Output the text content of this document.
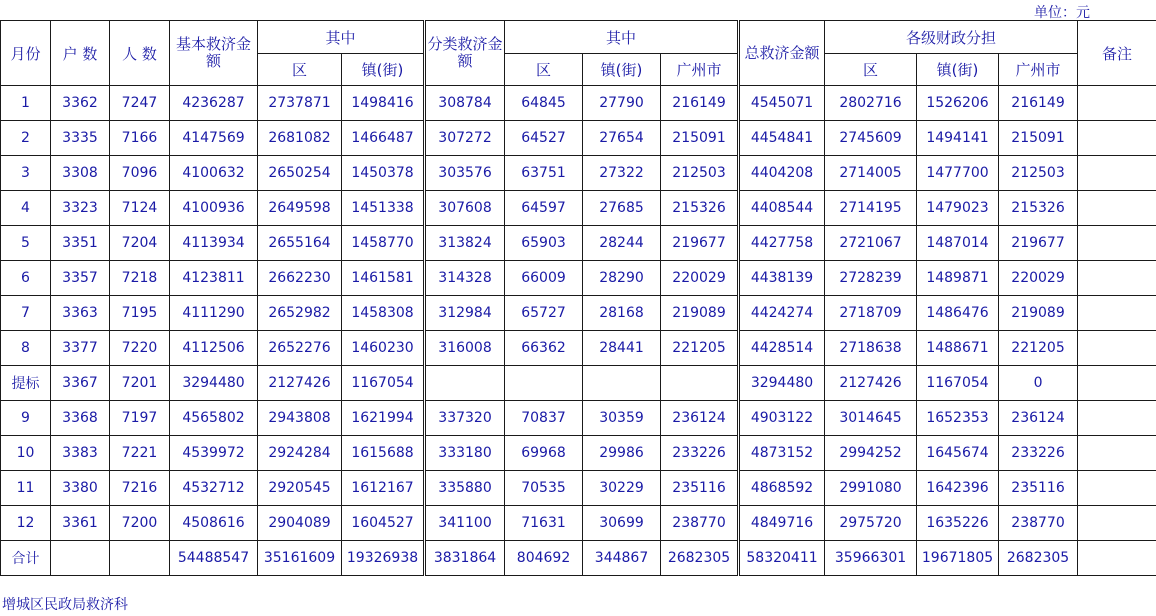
单位：元
月份	户 数	人 数	基本救济金额	其中		分类救济金额	其中			总救济金额	各级财政分担			备注
				区	镇(街)		区	镇(街)	广州市		区	镇(街)	广州市	
1	3362	7247	4236287	2737871	1498416	308784	64845	27790	216149	4545071	2802716	1526206	216149	
2	3335	7166	4147569	2681082	1466487	307272	64527	27654	215091	4454841	2745609	1494141	215091	
3	3308	7096	4100632	2650254	1450378	303576	63751	27322	212503	4404208	2714005	1477700	212503	
4	3323	7124	4100936	2649598	1451338	307608	64597	27685	215326	4408544	2714195	1479023	215326	
5	3351	7204	4113934	2655164	1458770	313824	65903	28244	219677	4427758	2721067	1487014	219677	
6	3357	7218	4123811	2662230	1461581	314328	66009	28290	220029	4438139	2728239	1489871	220029	
7	3363	7195	4111290	2652982	1458308	312984	65727	28168	219089	4424274	2718709	1486476	219089	
8	3377	7220	4112506	2652276	1460230	316008	66362	28441	221205	4428514	2718638	1488671	221205	
提标	3367	7201	3294480	2127426	1167054					3294480	2127426	1167054	0	
9	3368	7197	4565802	2943808	1621994	337320	70837	30359	236124	4903122	3014645	1652353	236124	
10	3383	7221	4539972	2924284	1615688	333180	69968	29986	233226	4873152	2994252	1645674	233226	
11	3380	7216	4532712	2920545	1612167	335880	70535	30229	235116	4868592	2991080	1642396	235116	
12	3361	7200	4508616	2904089	1604527	341100	71631	30699	238770	4849716	2975720	1635226	238770	
合计			54488547	35161609	19326938	3831864	804692	344867	2682305	58320411	35966301	19671805	2682305	
增城区民政局救济科
